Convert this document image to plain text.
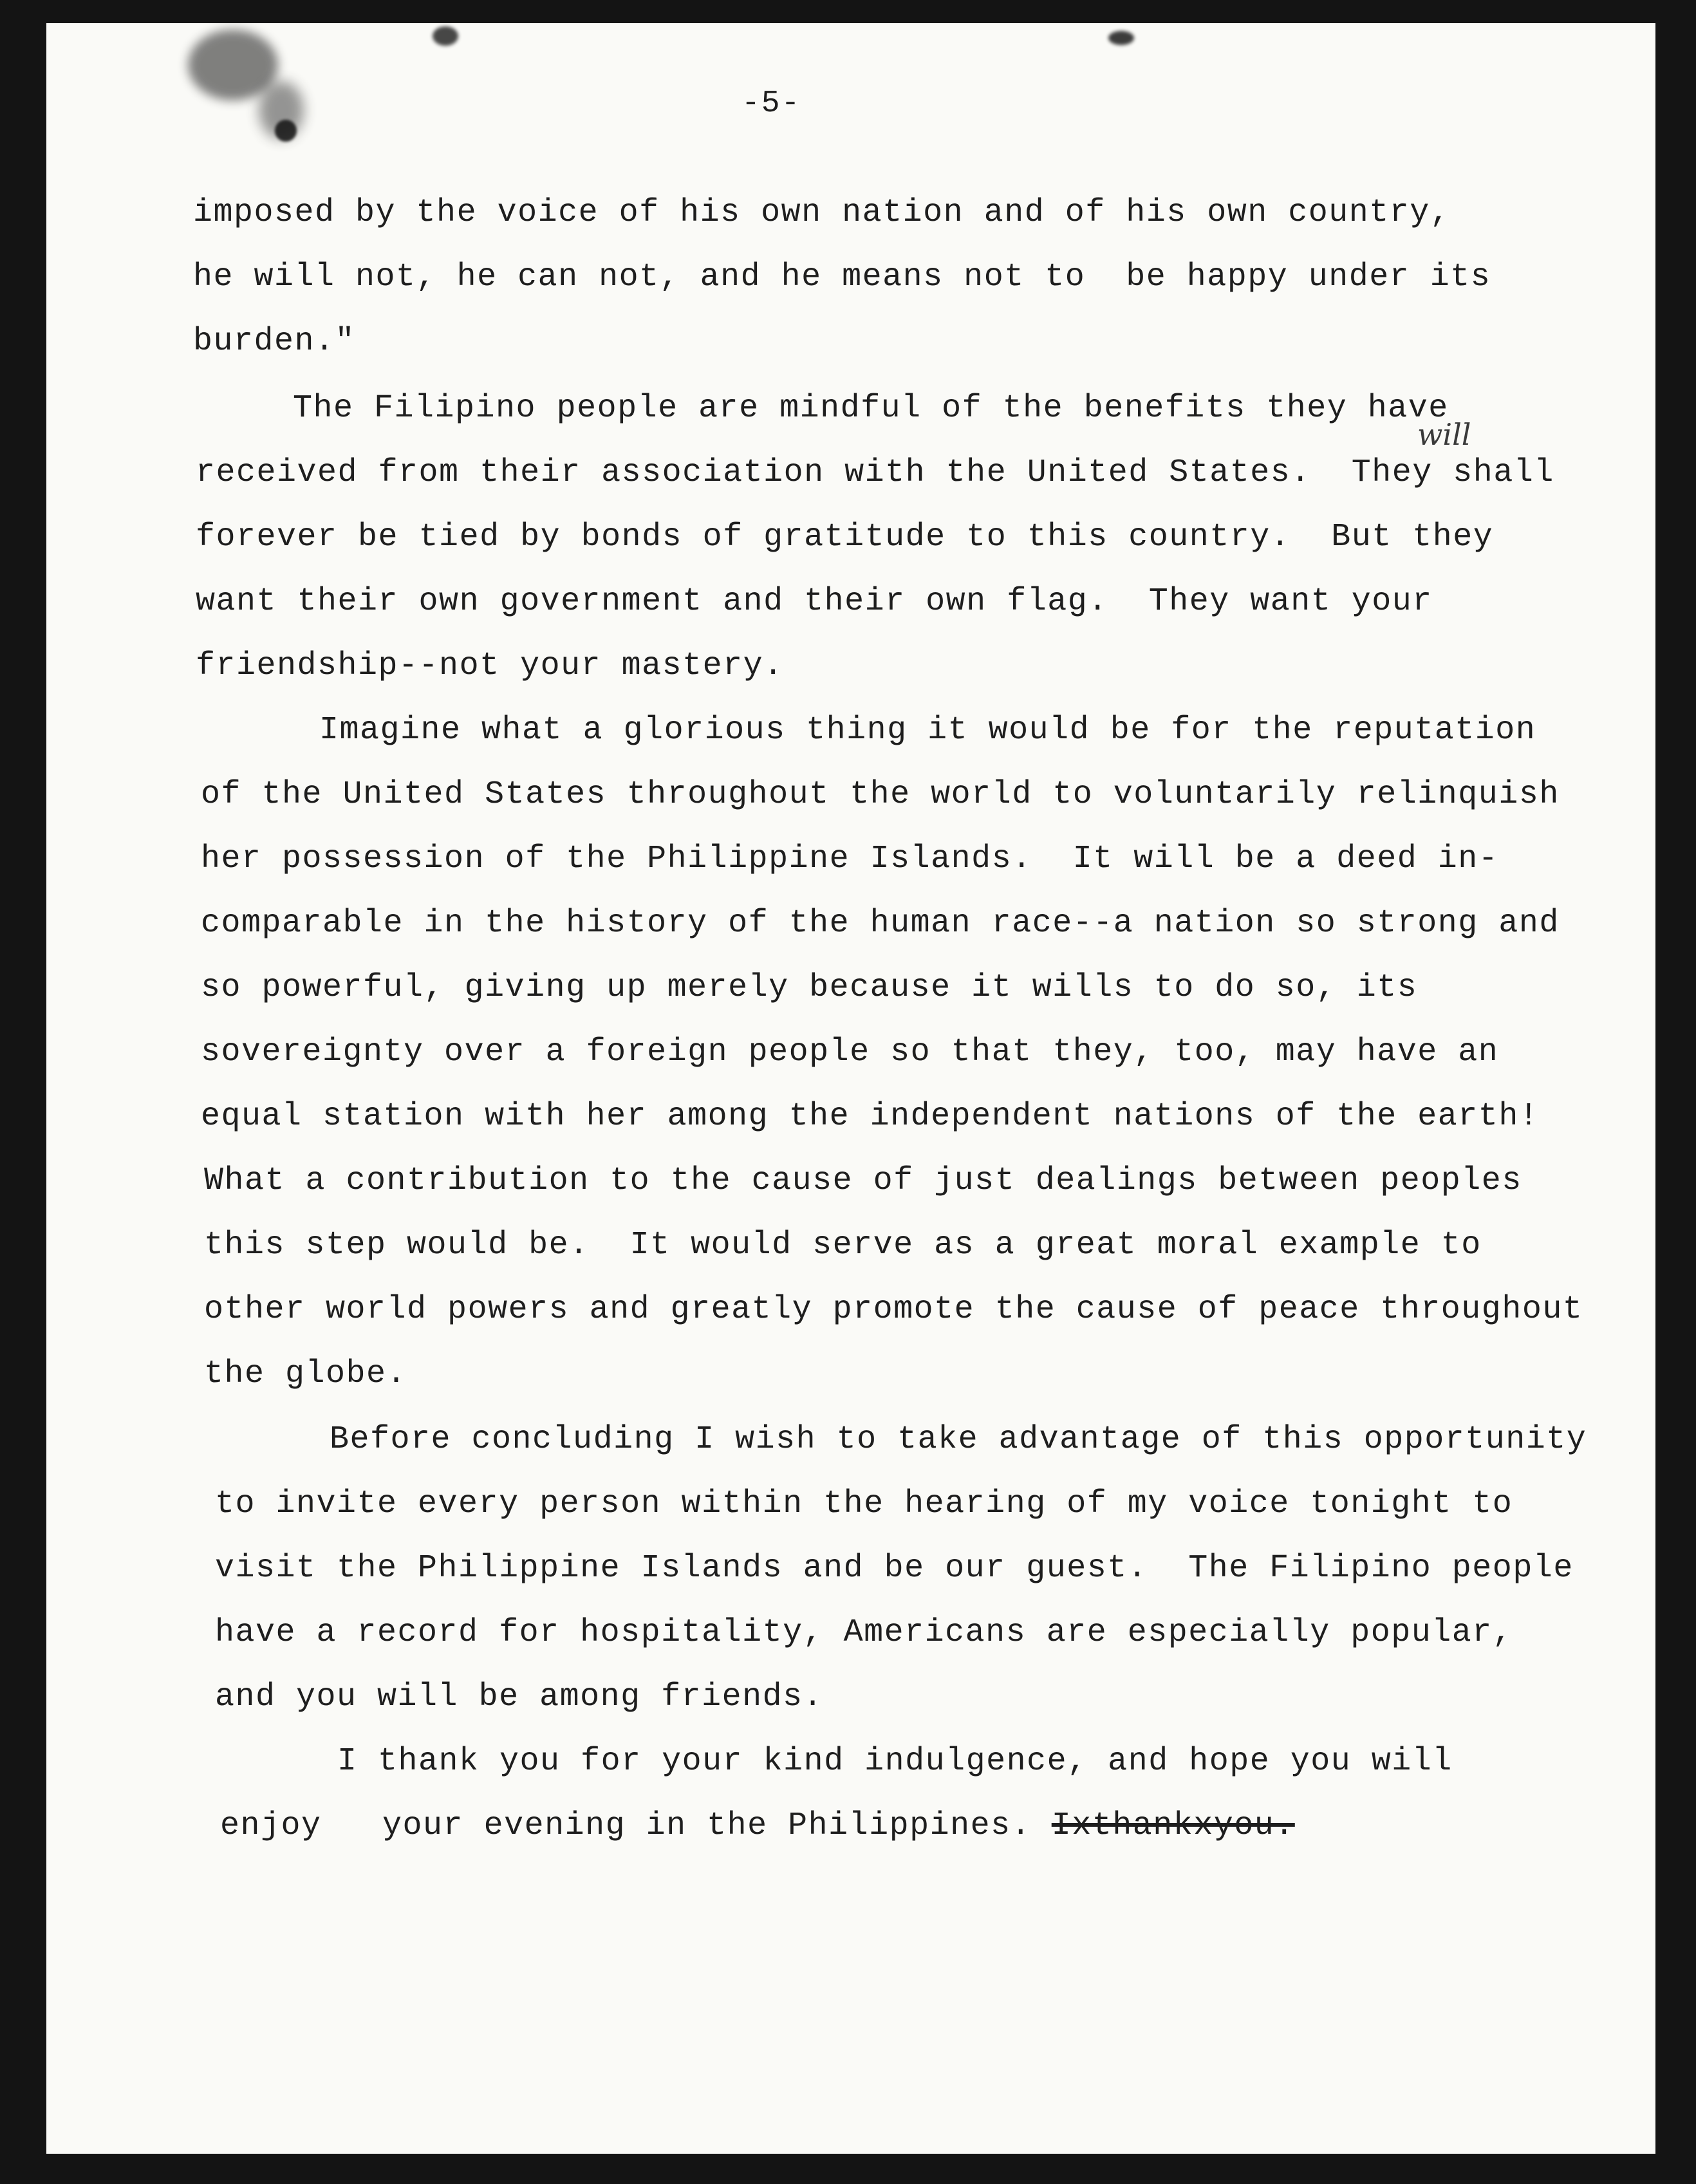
-5-
imposed by the voice of his own nation and of his own country,
he will not, he can not, and he means not to  be happy under its
burden."
The Filipino people are mindful of the benefits they have
received from their association with the United States.  They shall
will
forever be tied by bonds of gratitude to this country.  But they
want their own government and their own flag.  They want your
friendship--not your mastery.
Imagine what a glorious thing it would be for the reputation
of the United States throughout the world to voluntarily relinquish
her possession of the Philippine Islands.  It will be a deed in-
comparable in the history of the human race--a nation so strong and
so powerful, giving up merely because it wills to do so, its
sovereignty over a foreign people so that they, too, may have an
equal station with her among the independent nations of the earth!
What a contribution to the cause of just dealings between peoples
this step would be.  It would serve as a great moral example to
other world powers and greatly promote the cause of peace throughout
the globe.
Before concluding I wish to take advantage of this opportunity
to invite every person within the hearing of my voice tonight to
visit the Philippine Islands and be our guest.  The Filipino people
have a record for hospitality, Americans are especially popular,
and you will be among friends.
I thank you for your kind indulgence, and hope you will
enjoy   your evening in the Philippines. Ixthankxyou.
